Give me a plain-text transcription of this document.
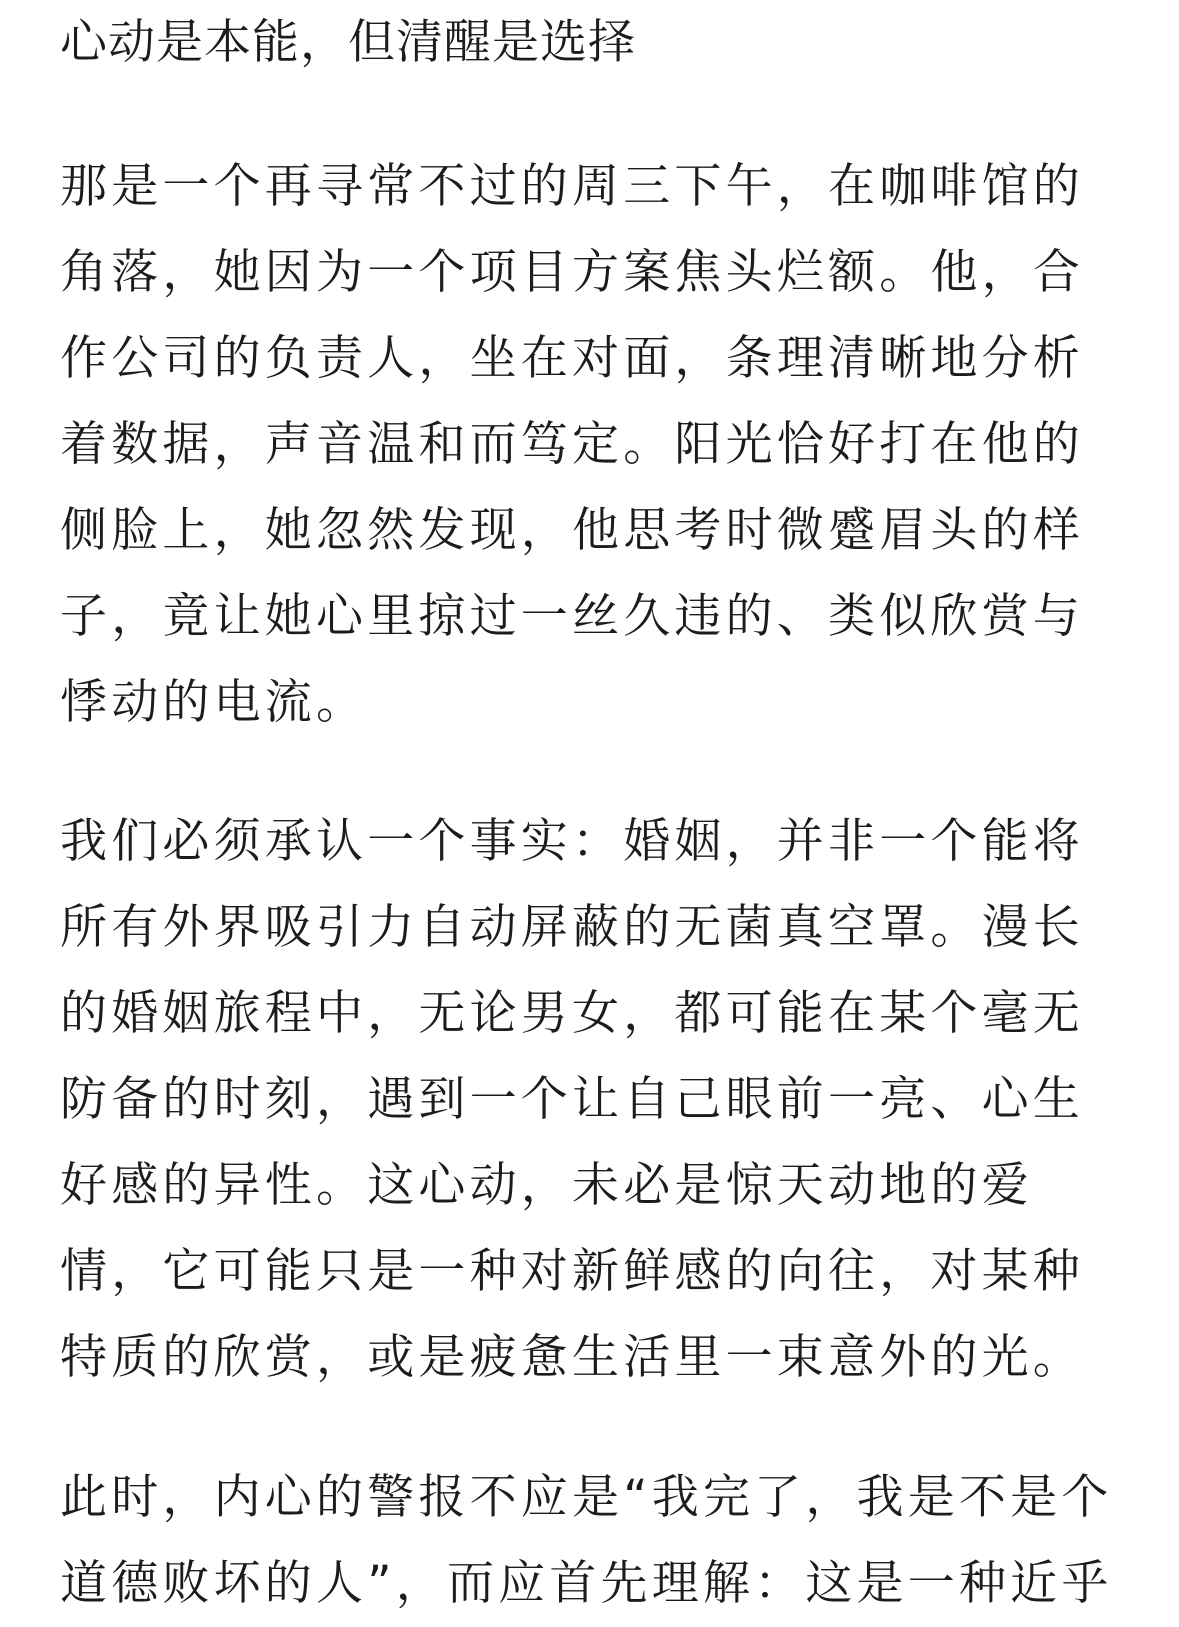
心动是本能，但清醒是选择
那是一个再寻常不过的周三下午，在咖啡馆的
角落，她因为一个项目方案焦头烂额。他，合
作公司的负责人，坐在对面，条理清晰地分析
着数据，声音温和而笃定。阳光恰好打在他的
侧脸上，她忽然发现，他思考时微蹙眉头的样
子，竟让她心里掠过一丝久违的、类似欣赏与
悸动的电流。
我们必须承认一个事实：婚姻，并非一个能将
所有外界吸引力自动屏蔽的无菌真空罩。漫长
的婚姻旅程中，无论男女，都可能在某个毫无
防备的时刻，遇到一个让自己眼前一亮、心生
好感的异性。这心动，未必是惊天动地的爱
情，它可能只是一种对新鲜感的向往，对某种
特质的欣赏，或是疲惫生活里一束意外的光。
此时，内心的警报不应是“我完了，我是不是个
道德败坏的人”，而应首先理解：这是一种近乎
